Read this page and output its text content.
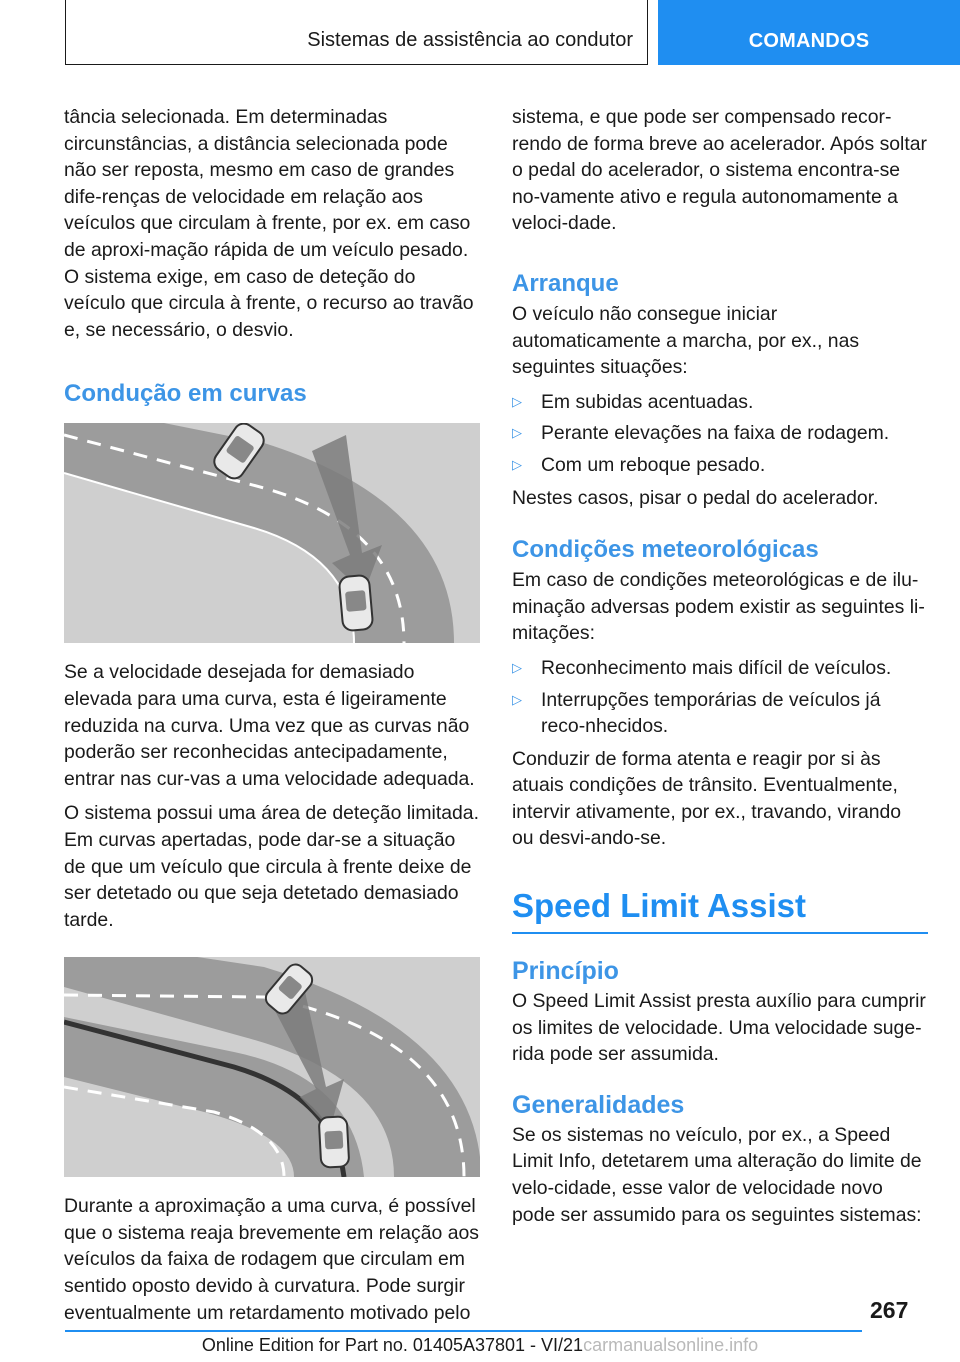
Sistemas de assistência ao condutor	COMANDOS

tância selecionada. Em determinadas circunstâncias, a distância selecionada pode não ser reposta, mesmo em caso de grandes dife-renças de velocidade em relação aos veículos que circulam à frente, por ex. em caso de aproxi-mação rápida de um veículo pesado. O sistema exige, em caso de deteção do veículo que circula à frente, o recurso ao travão e, se necessário, o desvio.

Condução em curvas

Se a velocidade desejada for demasiado elevada para uma curva, esta é ligeiramente reduzida na curva. Uma vez que as curvas não poderão ser reconhecidas antecipadamente, entrar nas cur-vas a uma velocidade adequada.

O sistema possui uma área de deteção limitada. Em curvas apertadas, pode dar-se a situação de que um veículo que circula à frente deixe de ser detetado ou que seja detetado demasiado tarde.

Durante a aproximação a uma curva, é possível que o sistema reaja brevemente em relação aos veículos da faixa de rodagem que circulam em sentido oposto devido à curvatura. Pode surgir eventualmente um retardamento motivado pelo

sistema, e que pode ser compensado recor-rendo de forma breve ao acelerador. Após soltar o pedal do acelerador, o sistema encontra-se no-vamente ativo e regula autonomamente a veloci-dade.

Arranque

O veículo não consegue iniciar automaticamente a marcha, por ex., nas seguintes situações:

▷ Em subidas acentuadas.
▷ Perante elevações na faixa de rodagem.
▷ Com um reboque pesado.

Nestes casos, pisar o pedal do acelerador.

Condições meteorológicas

Em caso de condições meteorológicas e de ilu-minação adversas podem existir as seguintes li-mitações:

▷ Reconhecimento mais difícil de veículos.
▷ Interrupções temporárias de veículos já reco-nhecidos.

Conduzir de forma atenta e reagir por si às atuais condições de trânsito. Eventualmente, intervir ativamente, por ex., travando, virando ou desvi-ando-se.

Speed Limit Assist
Princípio

O Speed Limit Assist presta auxílio para cumprir os limites de velocidade. Uma velocidade suge-rida pode ser assumida.

Generalidades

Se os sistemas no veículo, por ex., a Speed Limit Info, detetarem uma alteração do limite de velo-cidade, esse valor de velocidade novo pode ser assumido para os seguintes sistemas:

267
Online Edition for Part no. 01405A37801 - VI/21carmanualsonline.info
